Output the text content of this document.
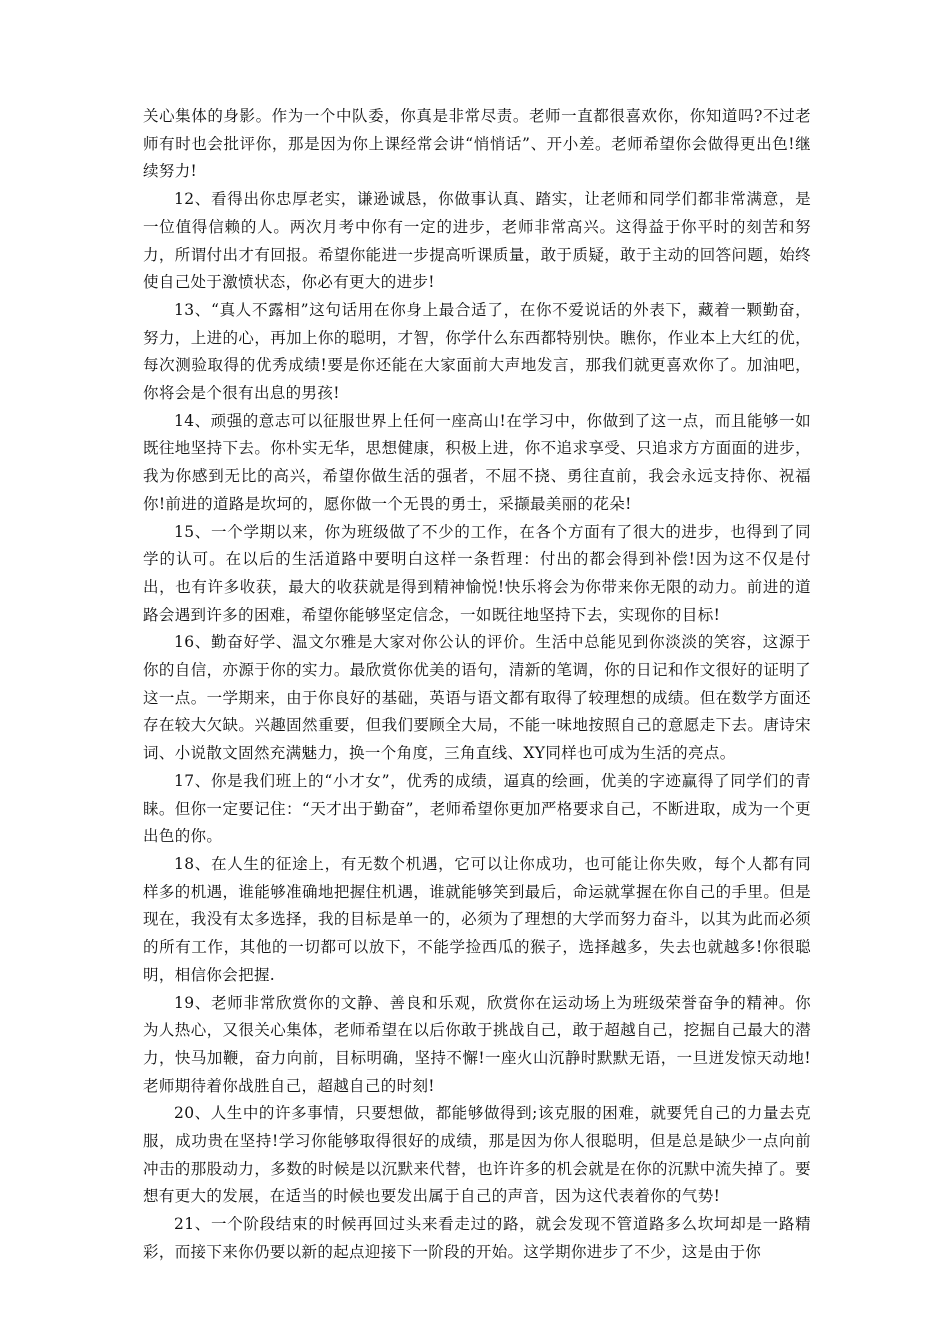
关心集体的身影。作为一个中队委，你真是非常尽责。老师一直都很喜欢你，你知道吗?不过老师有时也会批评你，那是因为你上课经常会讲“悄悄话”、开小差。老师希望你会做得更出色!继续努力!

12、看得出你忠厚老实，谦逊诚恳，你做事认真、踏实，让老师和同学们都非常满意，是一位值得信赖的人。两次月考中你有一定的进步，老师非常高兴。这得益于你平时的刻苦和努力，所谓付出才有回报。希望你能进一步提高听课质量，敢于质疑，敢于主动的回答问题，始终使自己处于激愤状态，你必有更大的进步!

13、“真人不露相”这句话用在你身上最合适了，在你不爱说话的外表下，藏着一颗勤奋，努力，上进的心，再加上你的聪明，才智，你学什么东西都特别快。瞧你，作业本上大红的优，每次测验取得的优秀成绩!要是你还能在大家面前大声地发言，那我们就更喜欢你了。加油吧，你将会是个很有出息的男孩!

14、顽强的意志可以征服世界上任何一座高山!在学习中，你做到了这一点，而且能够一如既往地坚持下去。你朴实无华，思想健康，积极上进，你不追求享受、只追求方方面面的进步，我为你感到无比的高兴，希望你做生活的强者，不屈不挠、勇往直前，我会永远支持你、祝福你!前进的道路是坎坷的，愿你做一个无畏的勇士，采撷最美丽的花朵!

15、一个学期以来，你为班级做了不少的工作，在各个方面有了很大的进步，也得到了同学的认可。在以后的生活道路中要明白这样一条哲理：付出的都会得到补偿!因为这不仅是付出，也有许多收获，最大的收获就是得到精神愉悦!快乐将会为你带来你无限的动力。前进的道路会遇到许多的困难，希望你能够坚定信念，一如既往地坚持下去，实现你的目标!

16、勤奋好学、温文尔雅是大家对你公认的评价。生活中总能见到你淡淡的笑容，这源于你的自信，亦源于你的实力。最欣赏你优美的语句，清新的笔调，你的日记和作文很好的证明了这一点。一学期来，由于你良好的基础，英语与语文都有取得了较理想的成绩。但在数学方面还存在较大欠缺。兴趣固然重要，但我们要顾全大局，不能一味地按照自己的意愿走下去。唐诗宋词、小说散文固然充满魅力，换一个角度，三角直线、XY同样也可成为生活的亮点。

17、你是我们班上的“小才女”，优秀的成绩，逼真的绘画，优美的字迹赢得了同学们的青睐。但你一定要记住：“天才出于勤奋”，老师希望你更加严格要求自己，不断进取，成为一个更出色的你。

18、在人生的征途上，有无数个机遇，它可以让你成功，也可能让你失败，每个人都有同样多的机遇，谁能够准确地把握住机遇，谁就能够笑到最后，命运就掌握在你自己的手里。但是现在，我没有太多选择，我的目标是单一的，必须为了理想的大学而努力奋斗，以其为此而必须的所有工作，其他的一切都可以放下，不能学捡西瓜的猴子，选择越多，失去也就越多!你很聪明，相信你会把握.

19、老师非常欣赏你的文静、善良和乐观，欣赏你在运动场上为班级荣誉奋争的精神。你为人热心，又很关心集体，老师希望在以后你敢于挑战自己，敢于超越自己，挖掘自己最大的潜力，快马加鞭，奋力向前，目标明确，坚持不懈!一座火山沉静时默默无语，一旦迸发惊天动地!老师期待着你战胜自己，超越自己的时刻!

20、人生中的许多事情，只要想做，都能够做得到;该克服的困难，就要凭自己的力量去克服，成功贵在坚持!学习你能够取得很好的成绩，那是因为你人很聪明，但是总是缺少一点向前冲击的那股动力，多数的时候是以沉默来代替，也许许多的机会就是在你的沉默中流失掉了。要想有更大的发展，在适当的时候也要发出属于自己的声音，因为这代表着你的气势!

21、一个阶段结束的时候再回过头来看走过的路，就会发现不管道路多么坎坷却是一路精彩，而接下来你仍要以新的起点迎接下一阶段的开始。这学期你进步了不少，这是由于你
